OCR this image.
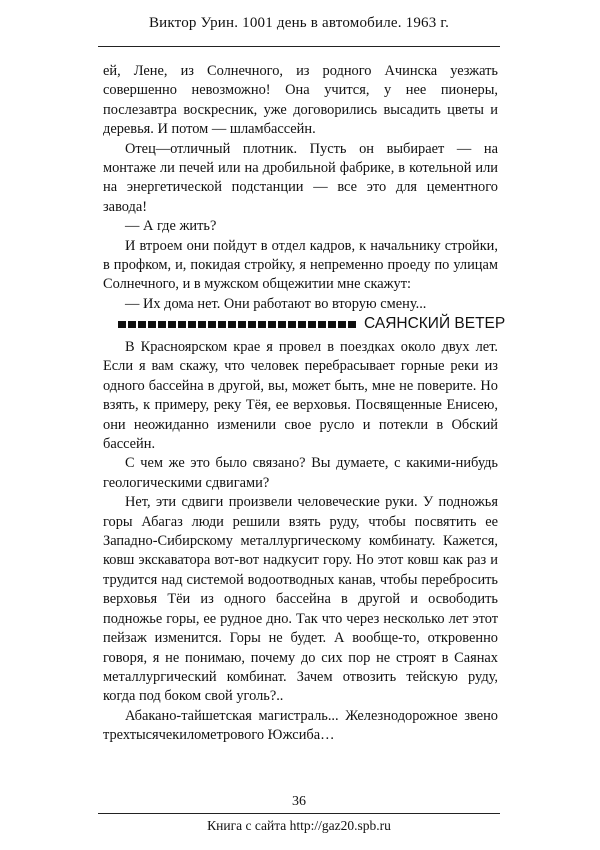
Виктор Урин. 1001 день в автомобиле. 1963 г.

ей, Лене, из Солнечного, из родного Ачинска уезжать совершенно невозможно! Она учится, у нее пионеры, послезавтра воскресник, уже договорились высадить цветы и деревья. И потом — шламбассейн.

Отец—отличный плотник. Пусть он выбирает — на монтаже ли печей или на дробильной фабрике, в котельной или на энергетической подстанции — все это для цементного завода!

— А где жить?

И втроем они пойдут в отдел кадров, к начальнику стройки, в профком, и, покидая стройку, я непременно проеду по улицам Солнечного, и в мужском общежитии мне скажут:

— Их дома нет. Они работают во вторую смену...

САЯНСКИЙ ВЕТЕР

В Красноярском крае я провел в поездках около двух лет. Если я вам скажу, что человек перебрасывает горные реки из одного бассейна в другой, вы, может быть, мне не поверите. Но взять, к примеру, реку Тёя, ее верховья. Посвященные Енисею, они неожиданно изменили свое русло и потекли в Обский бассейн.

С чем же это было связано? Вы думаете, с какими-нибудь геологическими сдвигами?

Нет, эти сдвиги произвели человеческие руки. У подножья горы Абагаз люди решили взять руду, чтобы посвятить ее Западно-Сибирскому металлургическому комбинату. Кажется, ковш экскаватора вот-вот надкусит гору. Но этот ковш как раз и трудится над системой водоотводных канав, чтобы перебросить верховья Тёи из одного бассейна в другой и освободить подножье горы, ее рудное дно. Так что через несколько лет этот пейзаж изменится. Горы не будет. А вообще-то, откровенно говоря, я не понимаю, почему до сих пор не строят в Саянах металлургический комбинат. Зачем отвозить тейскую руду, когда под боком свой уголь?..

Абакано-тайшетская магистраль... Железнодорожное звено трехтысячекилометрового Южсиба…

36
Книга с сайта http://gaz20.spb.ru
